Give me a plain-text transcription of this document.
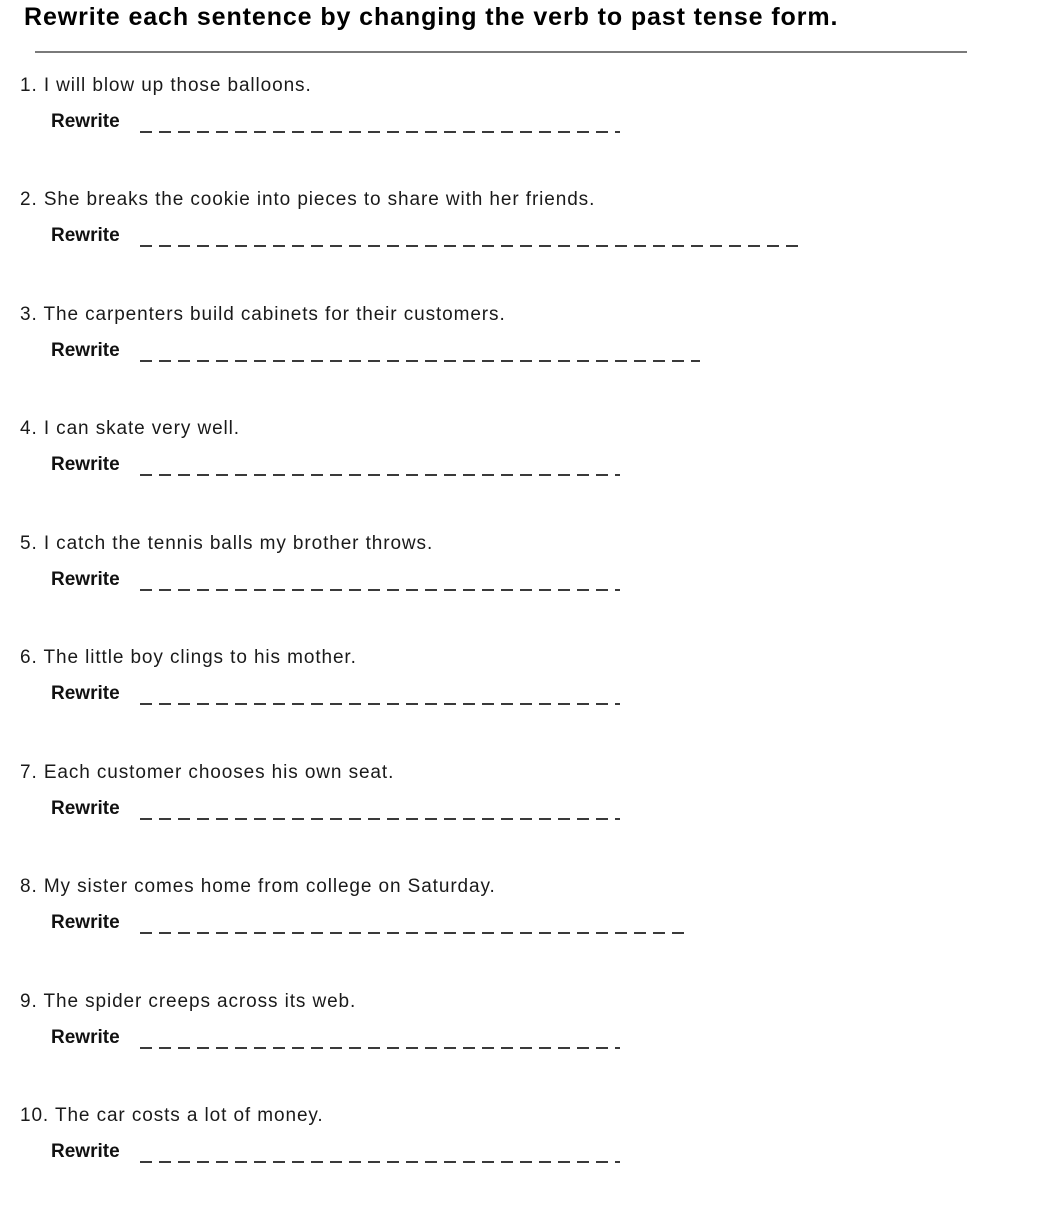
Rewrite each sentence by changing the verb to past tense form.
1. I will blow up those balloons.
Rewrite
2. She breaks the cookie into pieces to share with her friends.
Rewrite
3. The carpenters build cabinets for their customers.
Rewrite
4. I can skate very well.
Rewrite
5. I catch the tennis balls my brother throws.
Rewrite
6. The little boy clings to his mother.
Rewrite
7. Each customer chooses his own seat.
Rewrite
8. My sister comes home from college on Saturday.
Rewrite
9. The spider creeps across its web.
Rewrite
10. The car costs a lot of money.
Rewrite
